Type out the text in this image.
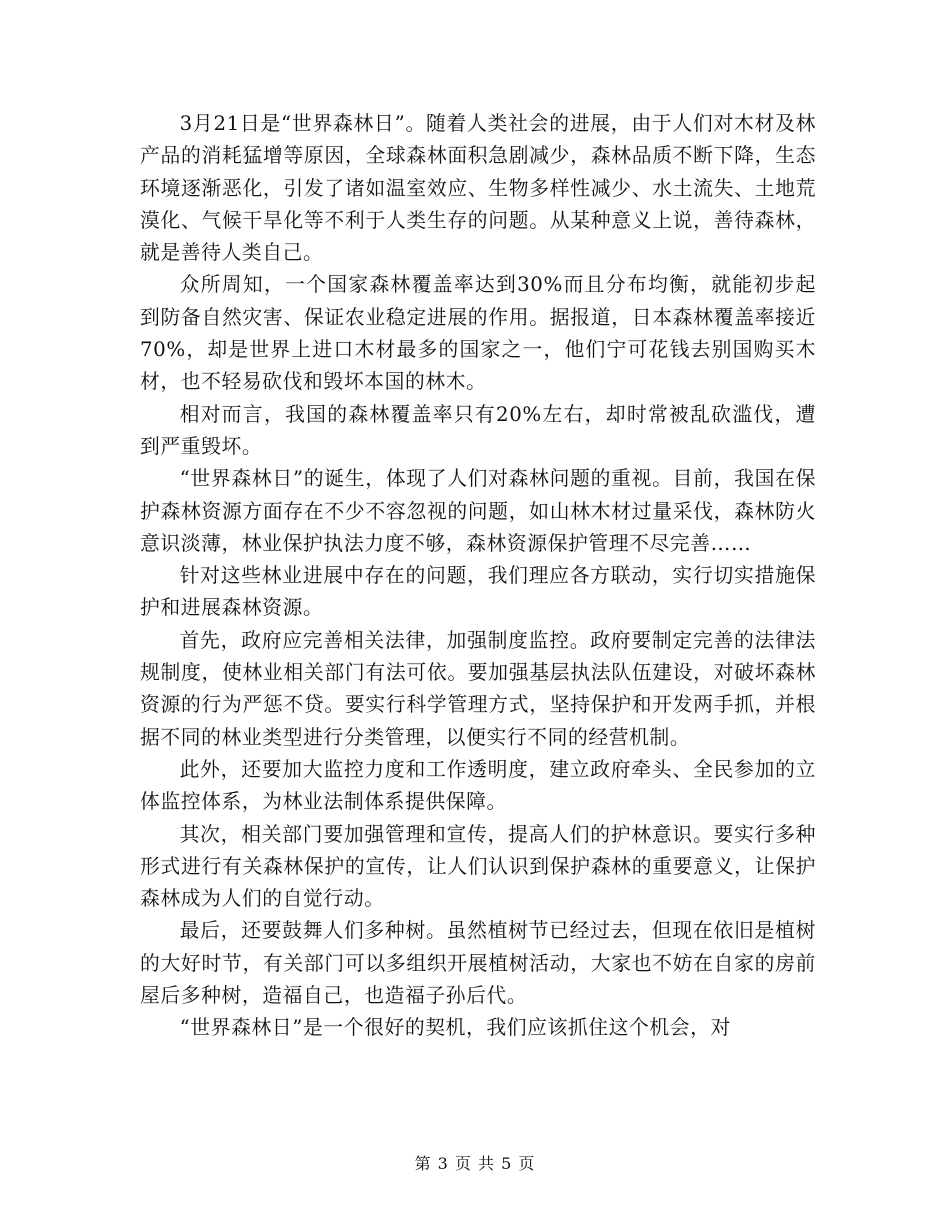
3月21日是“世界森林日”。随着人类社会的进展，由于人们对木材及林产品的消耗猛增等原因，全球森林面积急剧减少，森林品质不断下降，生态环境逐渐恶化，引发了诸如温室效应、生物多样性减少、水土流失、土地荒漠化、气候干旱化等不利于人类生存的问题。从某种意义上说，善待森林，就是善待人类自己。

众所周知，一个国家森林覆盖率达到30%而且分布均衡，就能初步起到防备自然灾害、保证农业稳定进展的作用。据报道，日本森林覆盖率接近70%，却是世界上进口木材最多的国家之一，他们宁可花钱去别国购买木材，也不轻易砍伐和毁坏本国的林木。

相对而言，我国的森林覆盖率只有20%左右，却时常被乱砍滥伐，遭到严重毁坏。

“世界森林日”的诞生，体现了人们对森林问题的重视。目前，我国在保护森林资源方面存在不少不容忽视的问题，如山林木材过量采伐，森林防火意识淡薄，林业保护执法力度不够，森林资源保护管理不尽完善……

针对这些林业进展中存在的问题，我们理应各方联动，实行切实措施保护和进展森林资源。

首先，政府应完善相关法律，加强制度监控。政府要制定完善的法律法规制度，使林业相关部门有法可依。要加强基层执法队伍建设，对破坏森林资源的行为严惩不贷。要实行科学管理方式，坚持保护和开发两手抓，并根据不同的林业类型进行分类管理，以便实行不同的经营机制。

此外，还要加大监控力度和工作透明度，建立政府牵头、全民参加的立体监控体系，为林业法制体系提供保障。

其次，相关部门要加强管理和宣传，提高人们的护林意识。要实行多种形式进行有关森林保护的宣传，让人们认识到保护森林的重要意义，让保护森林成为人们的自觉行动。

最后，还要鼓舞人们多种树。虽然植树节已经过去，但现在依旧是植树的大好时节，有关部门可以多组织开展植树活动，大家也不妨在自家的房前屋后多种树，造福自己，也造福子孙后代。

“世界森林日”是一个很好的契机，我们应该抓住这个机会，对

第 3 页 共 5 页
